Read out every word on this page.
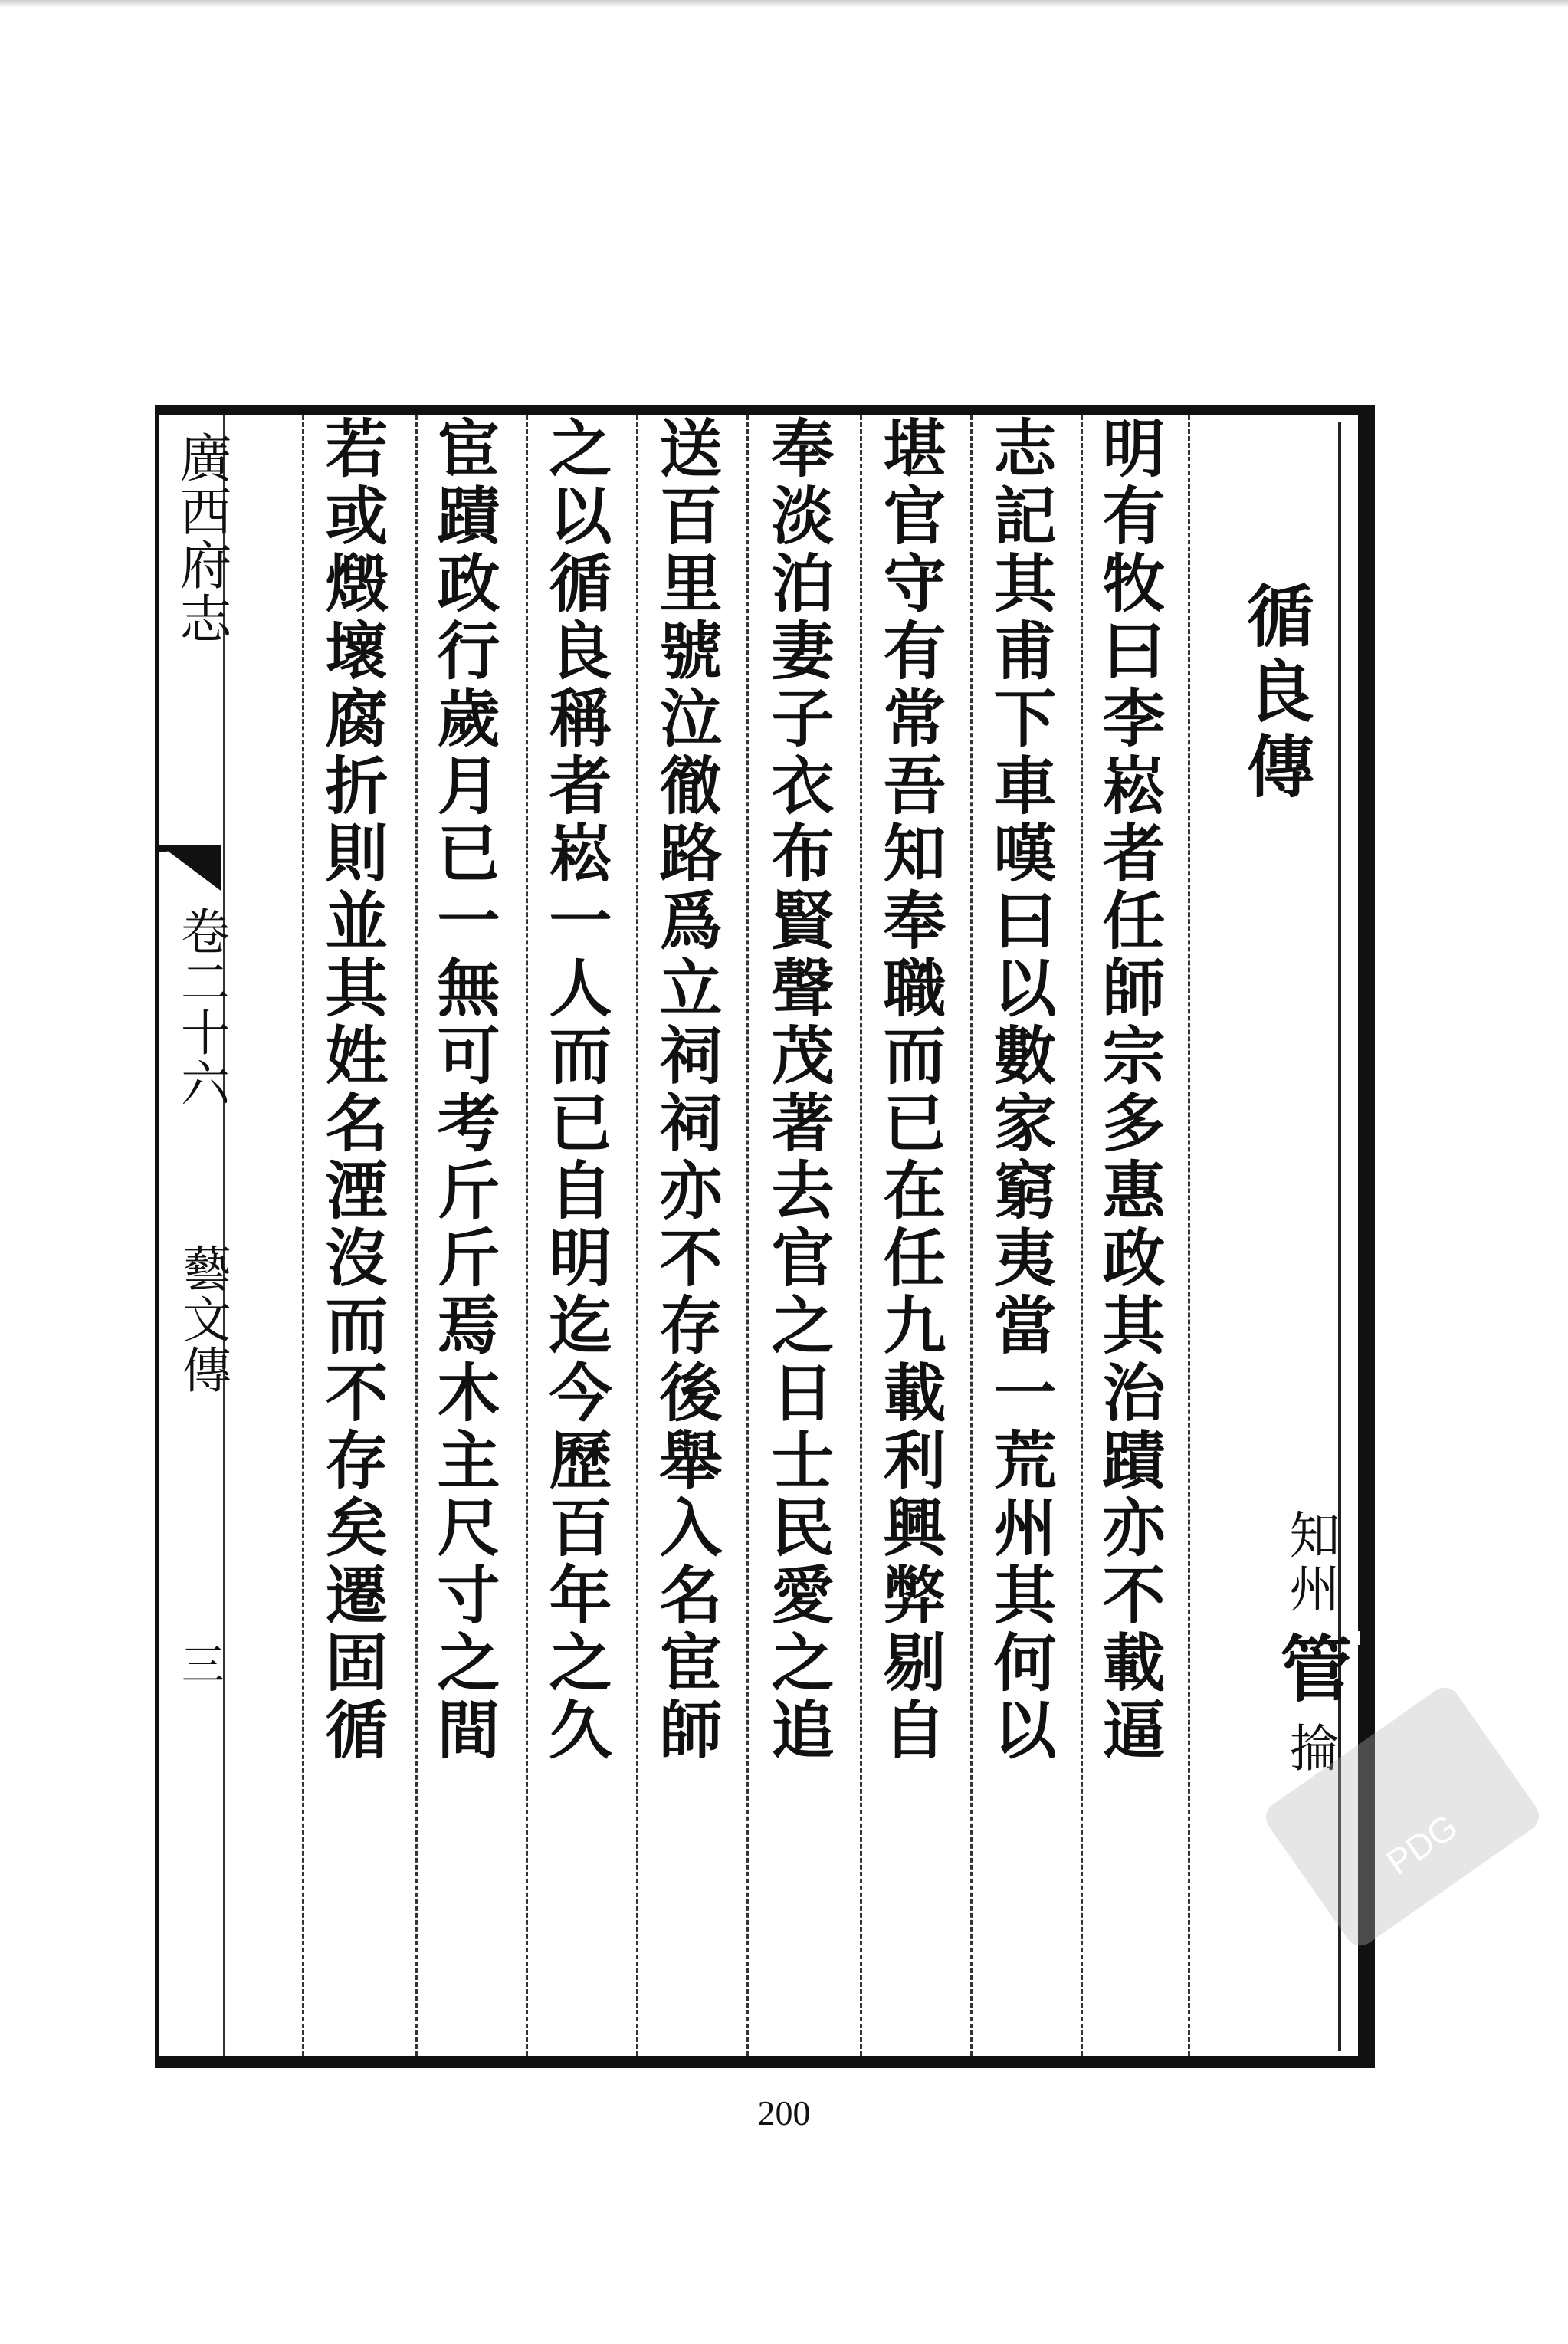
循良傳
知州
管
掄
明有牧曰李崧者任師宗多惠政其治蹟亦不載逼
志記其甫下車嘆曰以數家窮夷當一荒州其何以
堪官守有常吾知奉職而已在任九載利興弊剔自
奉淡泊妻子衣布賢聲茂著去官之日士民愛之追
送百里號泣徹路爲立祠祠亦不存後舉入名宦師
之以循良稱者崧一人而已自明迄今歷百年之久
宦蹟政行歲月已一無可考斤斤焉木主尺寸之間
若或燬壞腐折則並其姓名湮沒而不存矣遷固循
廣西府志
卷二十六
藝文傳
三
200
PDG
